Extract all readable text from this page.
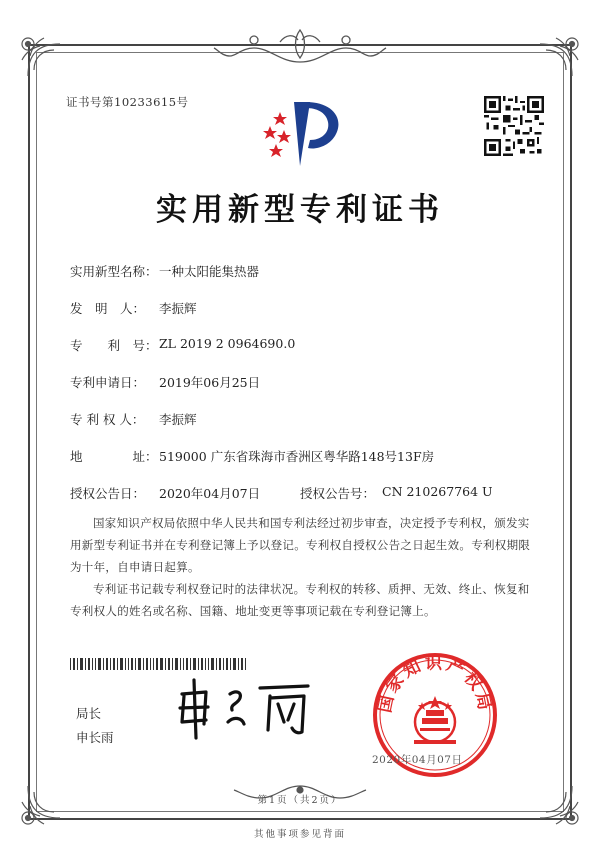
证书号第10233615号
实用新型专利证书
实用新型名称： 一种太阳能集热器
发　明　人： 李振辉
专　　利　号： ZL 2019 2 0964690.0
专利申请日： 2019年06月25日
专 利 权 人： 李振辉
地　　　　址： 519000 广东省珠海市香洲区粤华路148号13F房
授权公告日： 2020年04月07日	授权公告号： CN 210267764 U
国家知识产权局依照中华人民共和国专利法经过初步审查，决定授予专利权，颁发实用新型专利证书并在专利登记簿上予以登记。专利权自授权公告之日起生效。专利权期限为十年，自申请日起算。
专利证书记载专利权登记时的法律状况。专利权的转移、质押、无效、终止、恢复和专利权人的姓名或名称、国籍、地址变更等事项记载在专利登记簿上。
局长
申长雨
国家知识产权局
2020年04月07日
第1页（共2页）
其他事项参见背面
